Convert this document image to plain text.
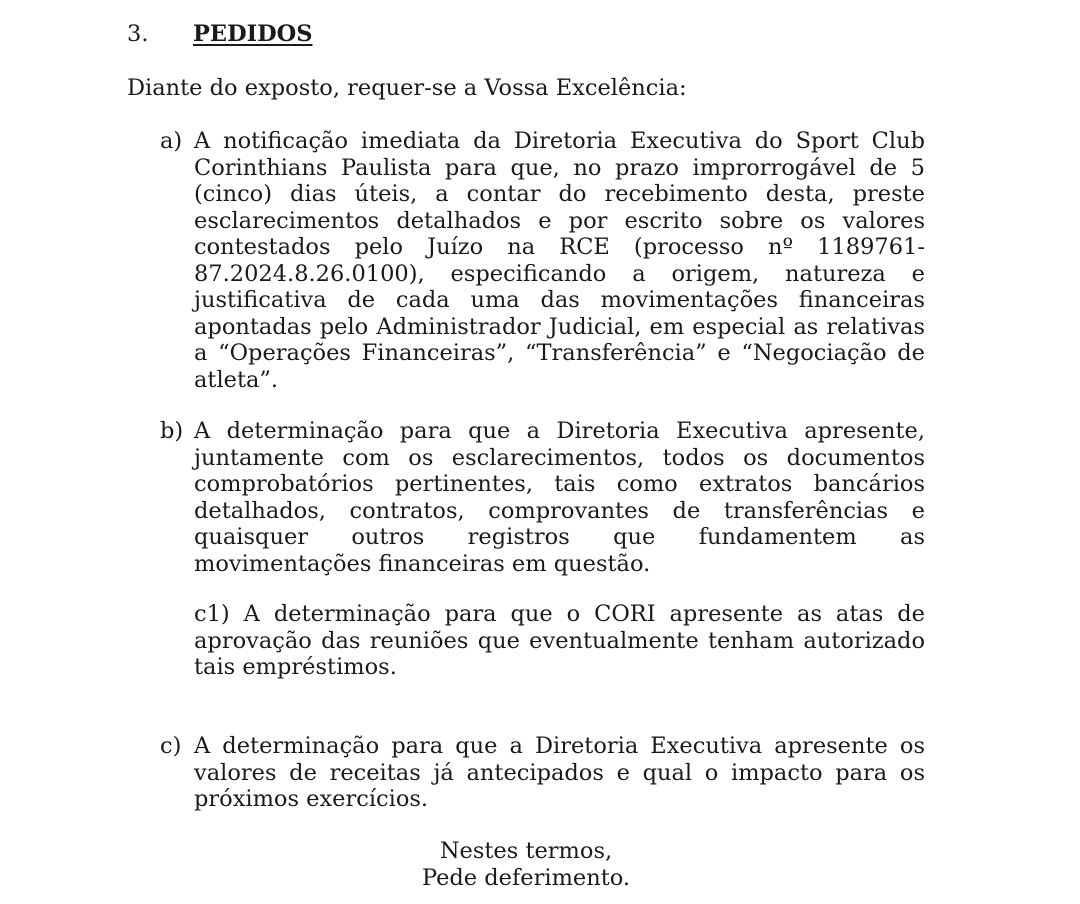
3. PEDIDOS
Diante do exposto, requer-se a Vossa Excelência:
a) A notificação imediata da Diretoria Executiva do Sport Club Corinthians Paulista para que, no prazo improrrogável de 5 (cinco) dias úteis, a contar do recebimento desta, preste esclarecimentos detalhados e por escrito sobre os valores contestados pelo Juízo na RCE (processo nº 1189761-87.2024.8.26.0100), especificando a origem, natureza e justificativa de cada uma das movimentações financeiras apontadas pelo Administrador Judicial, em especial as relativas a “Operações Financeiras”, “Transferência” e “Negociação de atleta”.
b) A determinação para que a Diretoria Executiva apresente, juntamente com os esclarecimentos, todos os documentos comprobatórios pertinentes, tais como extratos bancários detalhados, contratos, comprovantes de transferências e quaisquer outros registros que fundamentem as movimentações financeiras em questão.
c1) A determinação para que o CORI apresente as atas de aprovação das reuniões que eventualmente tenham autorizado tais empréstimos.
c) A determinação para que a Diretoria Executiva apresente os valores de receitas já antecipados e qual o impacto para os próximos exercícios.
Nestes termos,
Pede deferimento.
